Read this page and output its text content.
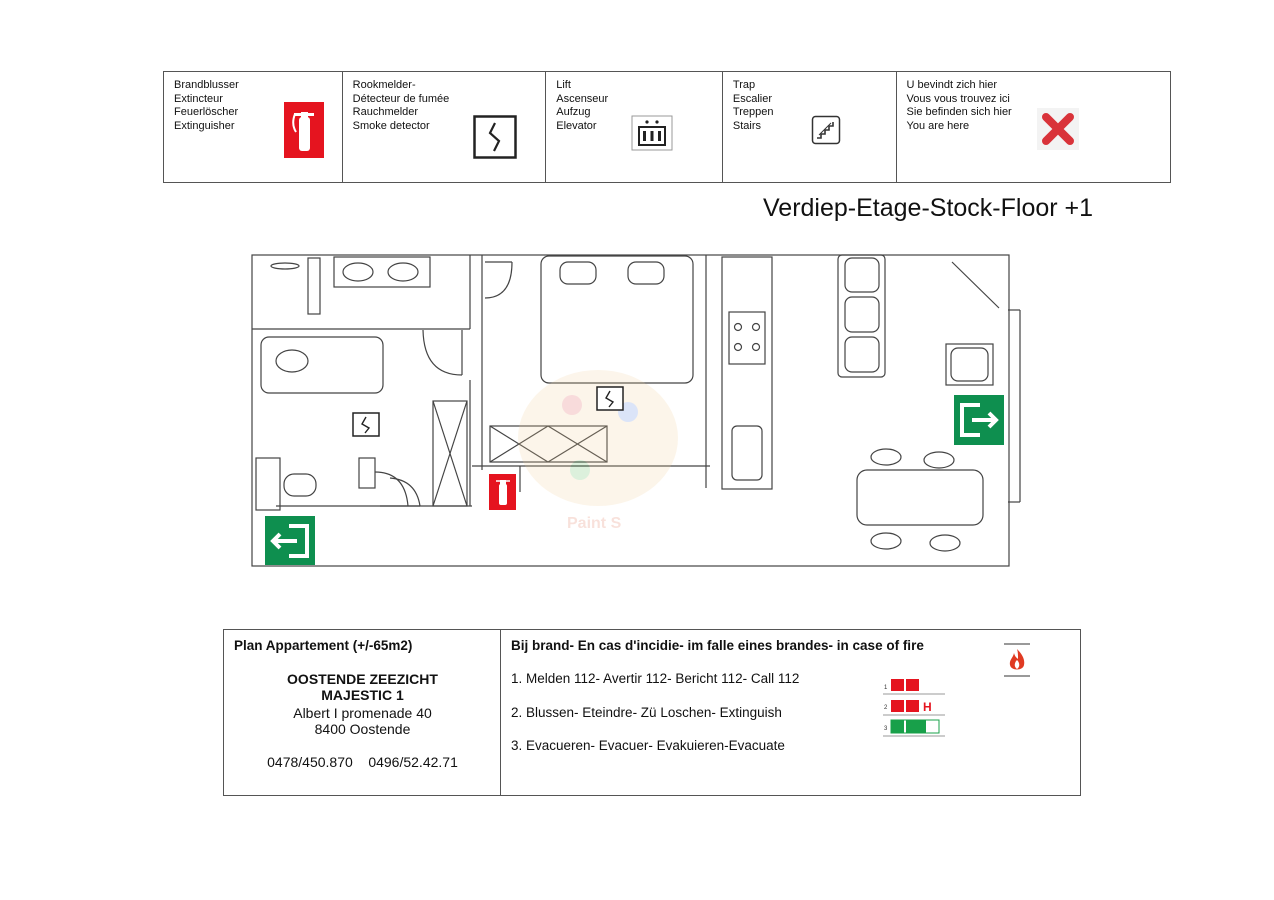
Brandblusser
Extincteur
Feuerlöscher
Extinguisher
Rookmelder-
Détecteur de fumée
Rauchmelder
Smoke detector
Lift
Ascenseur
Aufzug
Elevator
Trap
Escalier
Treppen
Stairs
U bevindt zich hier
Vous vous trouvez ici
Sie befinden sich hier
You are here
Verdiep-Etage-Stock-Floor +1
Paint S
Plan Appartement (+/-65m2)
OOSTENDE ZEEZICHT
MAJESTIC 1
Albert I promenade 40
8400 Oostende
0478/450.870    0496/52.42.71
Bij brand- En cas d'incidie- im falle eines brandes- in case of fire
1. Melden 112- Avertir 112- Bericht 112- Call 112
2. Blussen- Eteindre- Zü Loschen- Extinguish
3. Evacueren- Evacuer- Evakuieren-Evacuate
1
2
3
H
